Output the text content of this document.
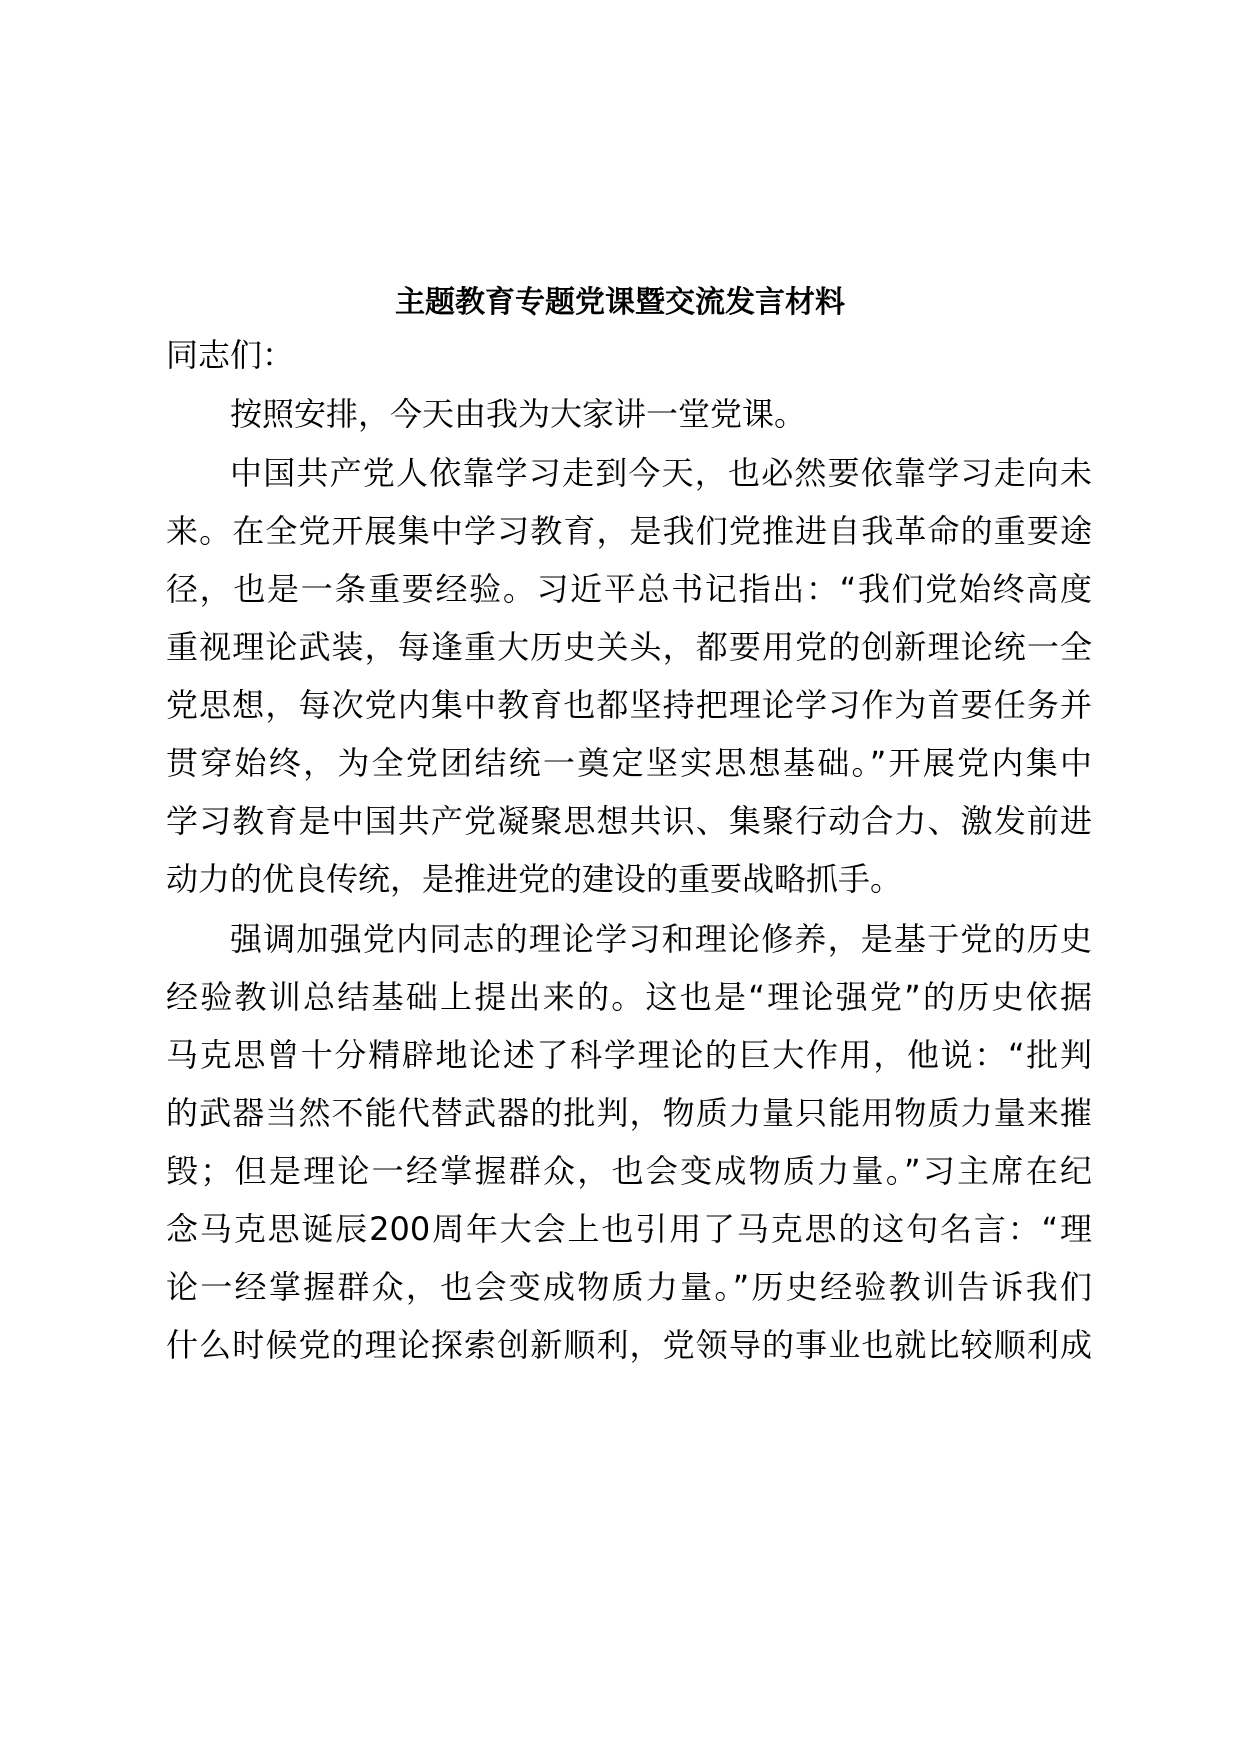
主题教育专题党课暨交流发言材料
同志们：
按照安排，今天由我为大家讲一堂党课。
中国共产党人依靠学习走到今天，也必然要依靠学习走向未
来。在全党开展集中学习教育，是我们党推进自我革命的重要途
径，也是一条重要经验。习近平总书记指出：“我们党始终高度
重视理论武装，每逢重大历史关头，都要用党的创新理论统一全
党思想，每次党内集中教育也都坚持把理论学习作为首要任务并
贯穿始终，为全党团结统一奠定坚实思想基础。”开展党内集中
学习教育是中国共产党凝聚思想共识、集聚行动合力、激发前进
动力的优良传统，是推进党的建设的重要战略抓手。
强调加强党内同志的理论学习和理论修养，是基于党的历史
经验教训总结基础上提出来的。这也是“理论强党”的历史依据
马克思曾十分精辟地论述了科学理论的巨大作用，他说：“批判
的武器当然不能代替武器的批判，物质力量只能用物质力量来摧
毁；但是理论一经掌握群众，也会变成物质力量。”习主席在纪
念马克思诞辰200周年大会上也引用了马克思的这句名言：“理
论一经掌握群众，也会变成物质力量。”历史经验教训告诉我们
什么时候党的理论探索创新顺利，党领导的事业也就比较顺利成
